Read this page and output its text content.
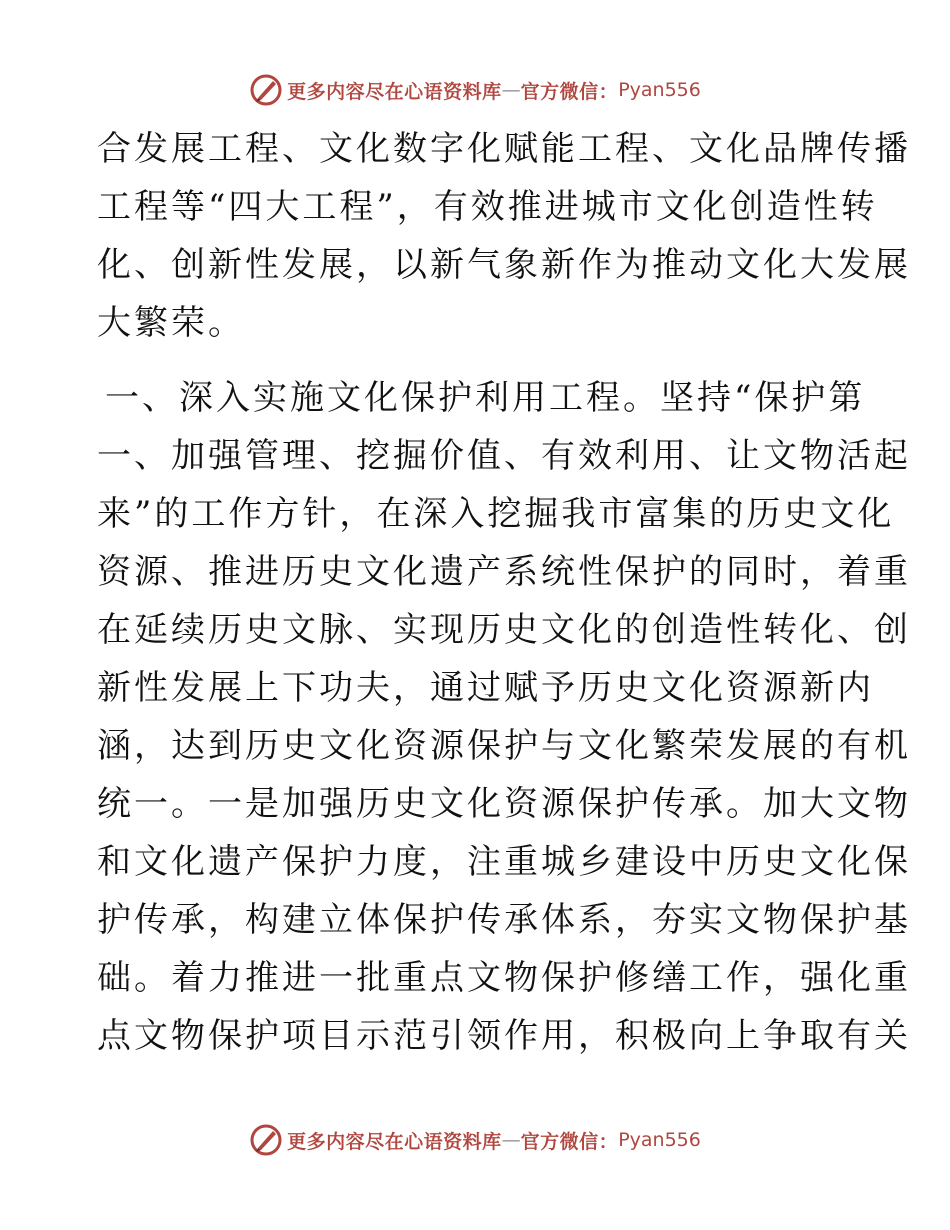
更多内容尽在心语资料库 — 官方微信： Pyan556
合发展工程、文化数字化赋能工程、文化品牌传播
工程等“四大工程”，有效推进城市文化创造性转
化、创新性发展，以新气象新作为推动文化大发展
大繁荣。
一、深入实施文化保护利用工程。坚持“保护第
一、加强管理、挖掘价值、有效利用、让文物活起
来”的工作方针，在深入挖掘我市富集的历史文化
资源、推进历史文化遗产系统性保护的同时，着重
在延续历史文脉、实现历史文化的创造性转化、创
新性发展上下功夫，通过赋予历史文化资源新内
涵，达到历史文化资源保护与文化繁荣发展的有机
统一。一是加强历史文化资源保护传承。加大文物
和文化遗产保护力度，注重城乡建设中历史文化保
护传承，构建立体保护传承体系，夯实文物保护基
础。着力推进一批重点文物保护修缮工作，强化重
点文物保护项目示范引领作用，积极向上争取有关
更多内容尽在心语资料库 — 官方微信： Pyan556
